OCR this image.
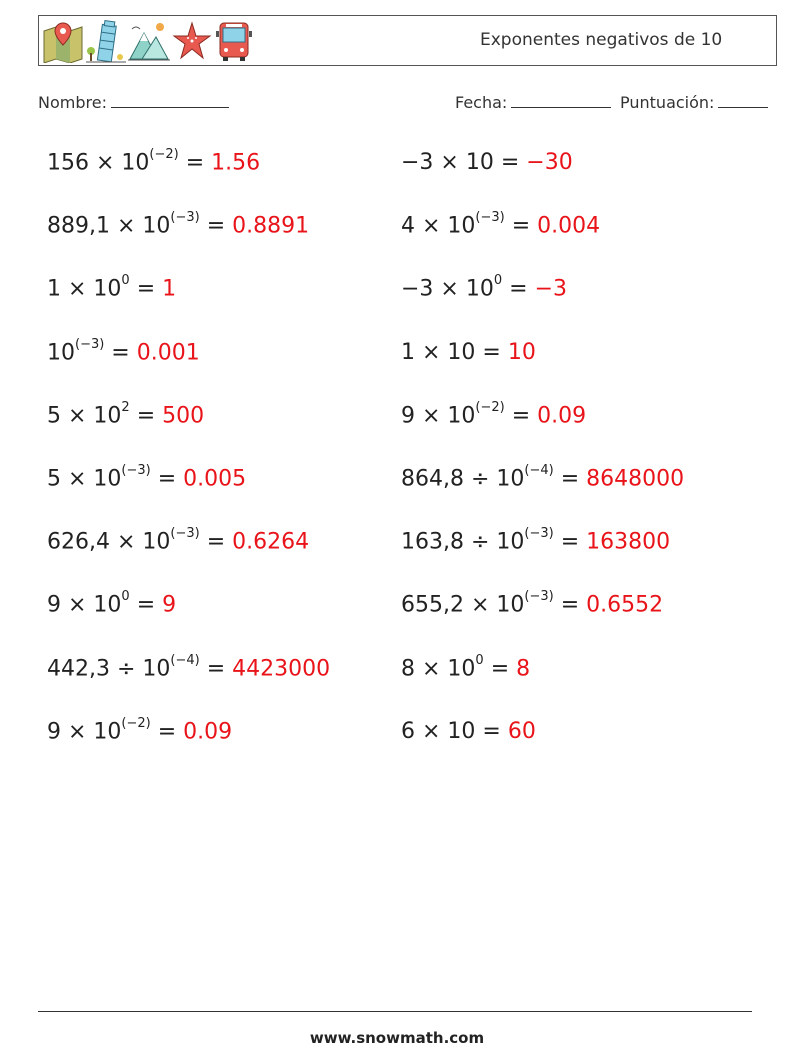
Exponentes negativos de 10
Nombre:	Fecha:	Puntuación:
$156 \times 10^{(-2)} = 1.56$	−3 × 10 = −30
$889,1 \times 10^{(-3)} = 0.8891$	$4 \times 10^{(-3)} = 0.004$
$1 \times 10^0 = 1$	$-3 \times 10^0 = -3$
$10^{(-3)} = 0.001$	1 × 10 = 10
$5 \times 10^2 = 500$	$9 \times 10^{(-2)} = 0.09$
$5 \times 10^{(-3)} = 0.005$	$864,8 \div 10^{(-4)} = 8648000$
$626,4 \times 10^{(-3)} = 0.6264$	$163,8 \div 10^{(-3)} = 163800$
$9 \times 10^0 = 9$	$655,2 \times 10^{(-3)} = 0.6552$
$442,3 \div 10^{(-4)} = 4423000$	$8 \times 10^0 = 8$
$9 \times 10^{(-2)} = 0.09$	6 × 10 = 60
www.snowmath.com
